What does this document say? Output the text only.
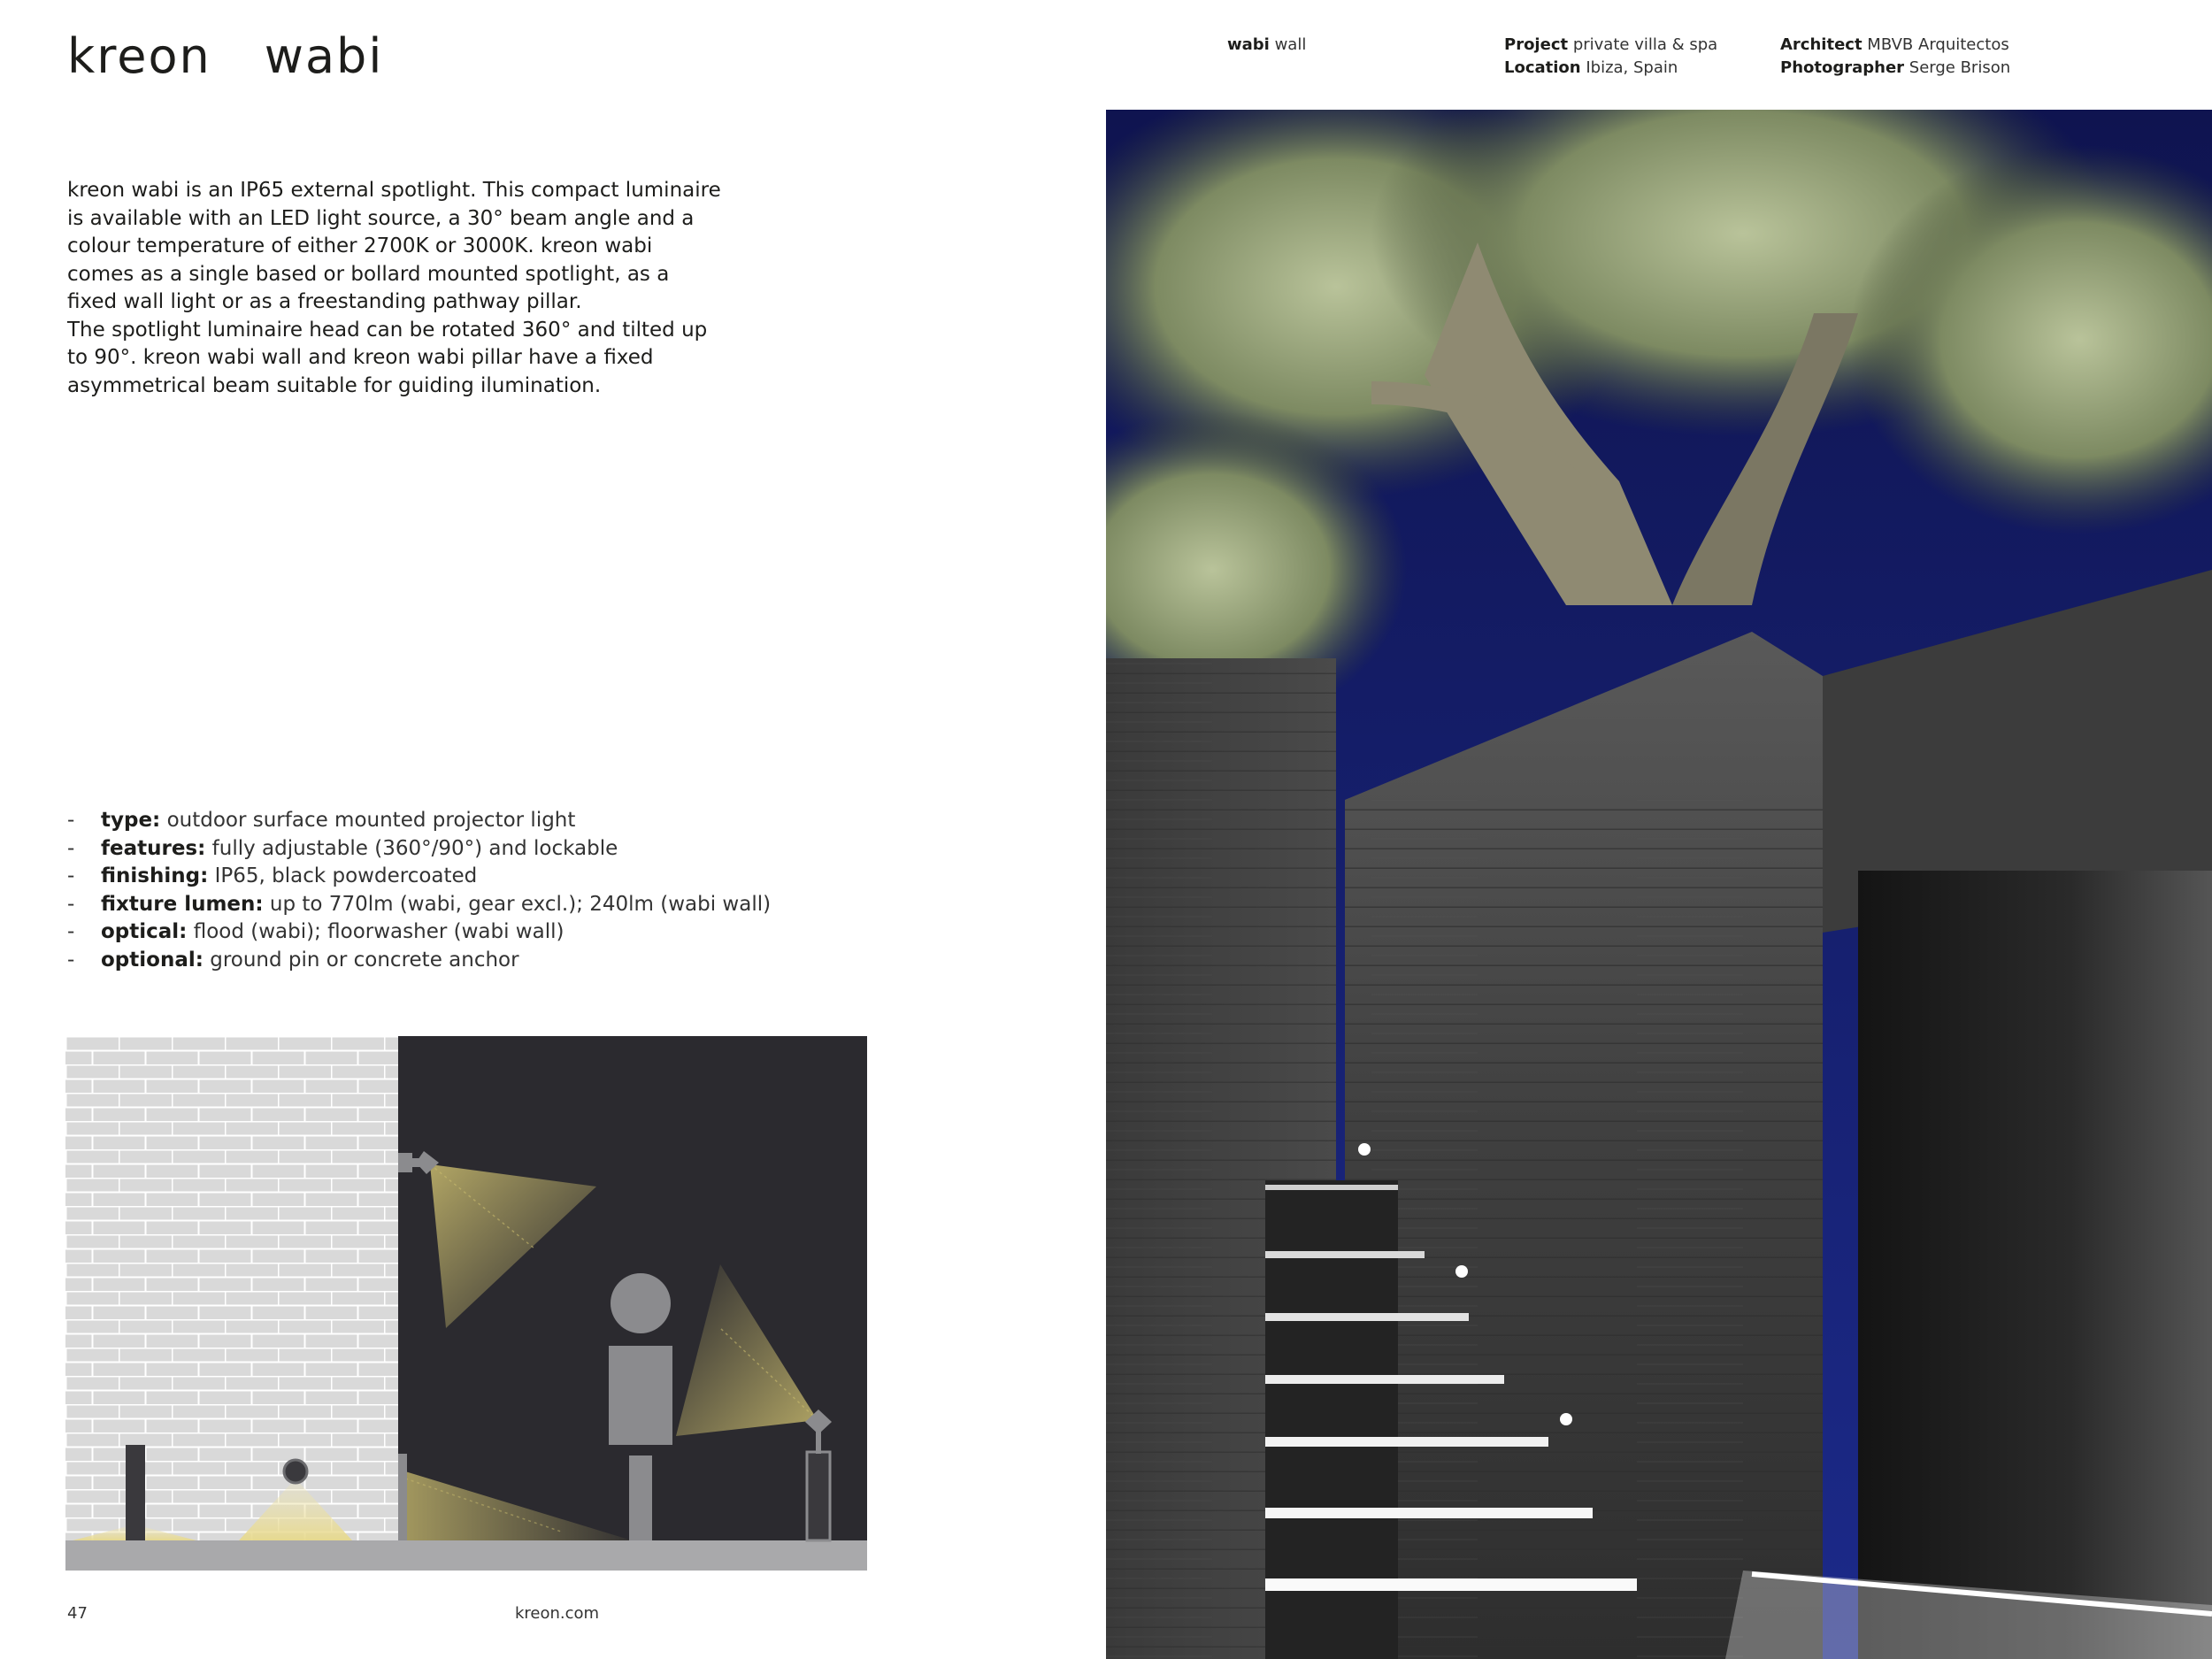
kreon wabi	wabi wall	Project private villa & spa
Location Ibiza, Spain
Architect MBVB Arquitectos
Photographer Serge Brison

kreon wabi is an IP65 external spotlight. This compact luminaire is available with an LED light source, a 30° beam angle and a colour temperature of either 2700K or 3000K. kreon wabi comes as a single based or bollard mounted spotlight, as a fixed wall light or as a freestanding pathway pillar.

The spotlight luminaire head can be rotated 360° and tilted up to 90°. kreon wabi wall and kreon wabi pillar have a fixed asymmetrical beam suitable for guiding ilumination.

- type: outdoor surface mounted projector light
- features: fully adjustable (360°/90°) and lockable
- finishing: IP65, black powdercoated
- fixture lumen: up to 770lm (wabi, gear excl.); 240lm (wabi wall)
- optical: flood (wabi); floorwasher (wabi wall)
- optional: ground pin or concrete anchor
47	kreon.com
